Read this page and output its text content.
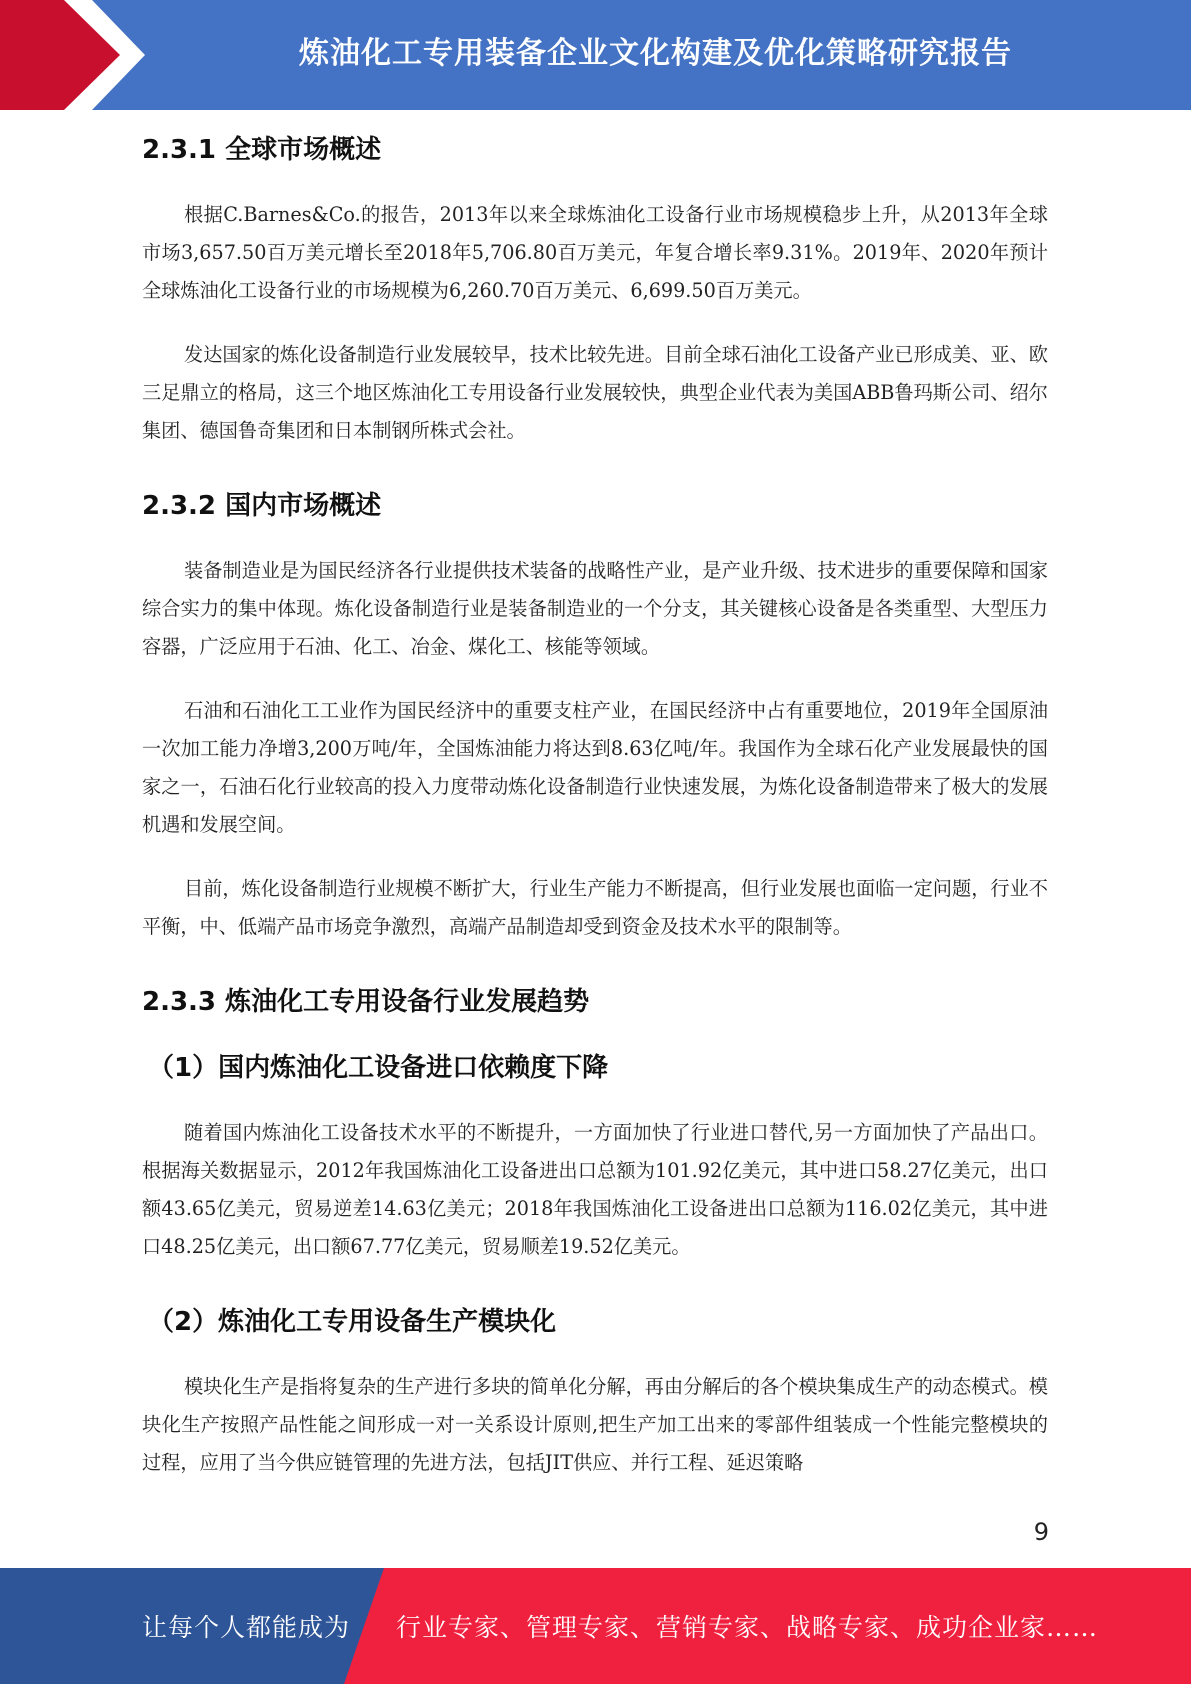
炼油化工专用装备企业文化构建及优化策略研究报告
2.3.1 全球市场概述

根据C.Barnes&Co.的报告，2013年以来全球炼油化工设备行业市场规模稳步上升，从2013年全球市场3,657.50百万美元增长至2018年5,706.80百万美元，年复合增长率9.31%。2019年、2020年预计全球炼油化工设备行业的市场规模为6,260.70百万美元、6,699.50百万美元。

发达国家的炼化设备制造行业发展较早，技术比较先进。目前全球石油化工设备产业已形成美、亚、欧三足鼎立的格局，这三个地区炼油化工专用设备行业发展较快，典型企业代表为美国ABB鲁玛斯公司、绍尔集团、德国鲁奇集团和日本制钢所株式会社。

2.3.2 国内市场概述

装备制造业是为国民经济各行业提供技术装备的战略性产业，是产业升级、技术进步的重要保障和国家综合实力的集中体现。炼化设备制造行业是装备制造业的一个分支，其关键核心设备是各类重型、大型压力容器，广泛应用于石油、化工、冶金、煤化工、核能等领域。

石油和石油化工工业作为国民经济中的重要支柱产业，在国民经济中占有重要地位，2019年全国原油一次加工能力净增3,200万吨/年，全国炼油能力将达到8.63亿吨/年。我国作为全球石化产业发展最快的国家之一，石油石化行业较高的投入力度带动炼化设备制造行业快速发展，为炼化设备制造带来了极大的发展机遇和发展空间。

目前，炼化设备制造行业规模不断扩大，行业生产能力不断提高，但行业发展也面临一定问题，行业不平衡，中、低端产品市场竞争激烈，高端产品制造却受到资金及技术水平的限制等。

2.3.3 炼油化工专用设备行业发展趋势
（1）国内炼油化工设备进口依赖度下降

随着国内炼油化工设备技术水平的不断提升，一方面加快了行业进口替代,另一方面加快了产品出口。根据海关数据显示，2012年我国炼油化工设备进出口总额为101.92亿美元，其中进口58.27亿美元，出口额43.65亿美元，贸易逆差14.63亿美元；2018年我国炼油化工设备进出口总额为116.02亿美元，其中进口48.25亿美元，出口额67.77亿美元，贸易顺差19.52亿美元。

（2）炼油化工专用设备生产模块化

模块化生产是指将复杂的生产进行多块的简单化分解，再由分解后的各个模块集成生产的动态模式。模块化生产按照产品性能之间形成一对一关系设计原则,把生产加工出来的零部件组装成一个性能完整模块的过程，应用了当今供应链管理的先进方法，包括JIT供应、并行工程、延迟策略

9
让每个人都能成为 行业专家、管理专家、营销专家、战略专家、成功企业家……
